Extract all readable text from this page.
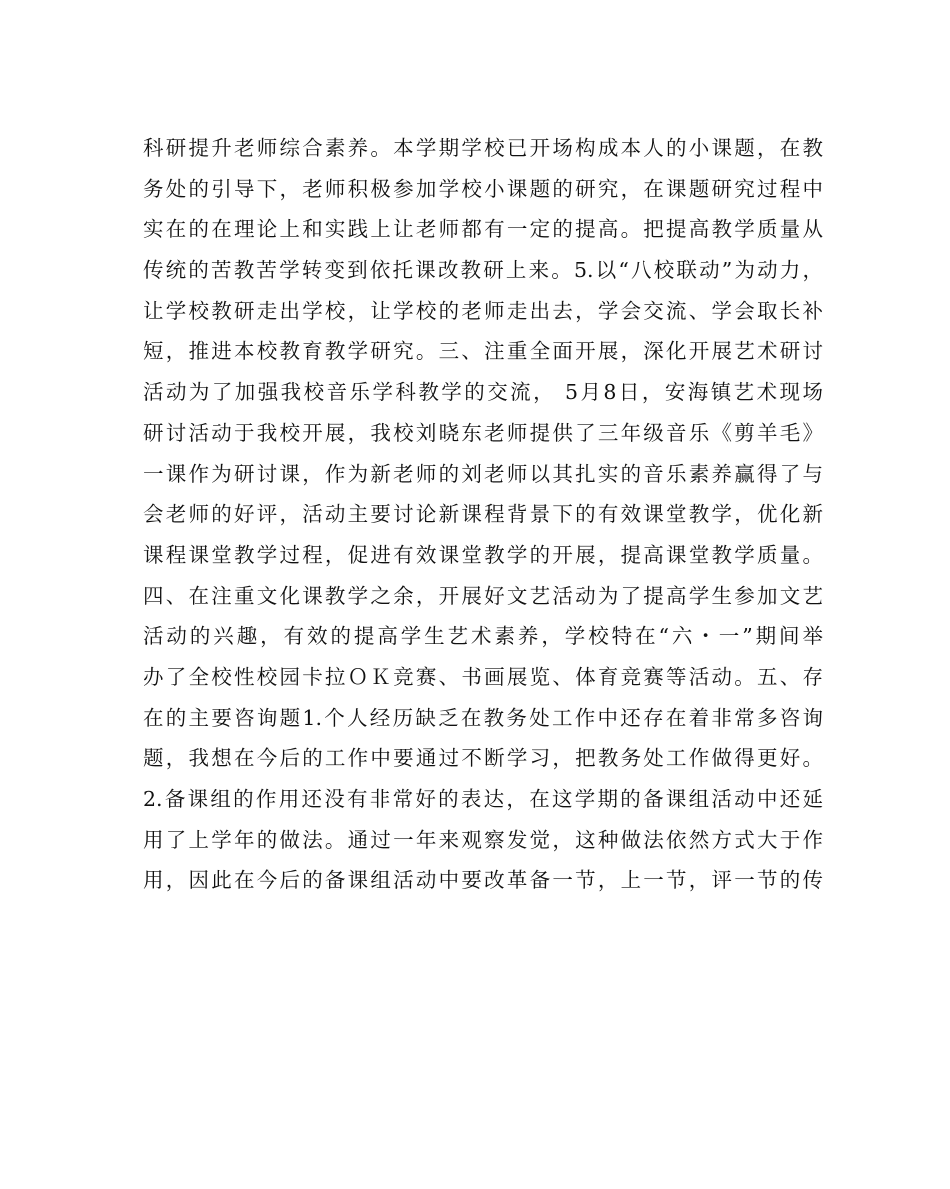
科研提升老师综合素养。本学期学校已开场构成本人的小课题，在教
务处的引导下，老师积极参加学校小课题的研究，在课题研究过程中
实在的在理论上和实践上让老师都有一定的提高。把提高教学质量从
传统的苦教苦学转变到依托课改教研上来。5.以“八校联动”为动力，
让学校教研走出学校，让学校的老师走出去，学会交流、学会取长补
短，推进本校教育教学研究。三、注重全面开展，深化开展艺术研讨
活动为了加强我校音乐学科教学的交流， 5月8日，安海镇艺术现场
研讨活动于我校开展，我校刘晓东老师提供了三年级音乐《剪羊毛》
一课作为研讨课，作为新老师的刘老师以其扎实的音乐素养赢得了与
会老师的好评，活动主要讨论新课程背景下的有效课堂教学，优化新
课程课堂教学过程，促进有效课堂教学的开展，提高课堂教学质量。
四、在注重文化课教学之余，开展好文艺活动为了提高学生参加文艺
活动的兴趣，有效的提高学生艺术素养，学校特在“六・一”期间举
办了全校性校园卡拉ＯＫ竞赛、书画展览、体育竞赛等活动。五、存
在的主要咨询题1.个人经历缺乏在教务处工作中还存在着非常多咨询
题，我想在今后的工作中要通过不断学习，把教务处工作做得更好。
2.备课组的作用还没有非常好的表达，在这学期的备课组活动中还延
用了上学年的做法。通过一年来观察发觉，这种做法依然方式大于作
用，因此在今后的备课组活动中要改革备一节，上一节，评一节的传
